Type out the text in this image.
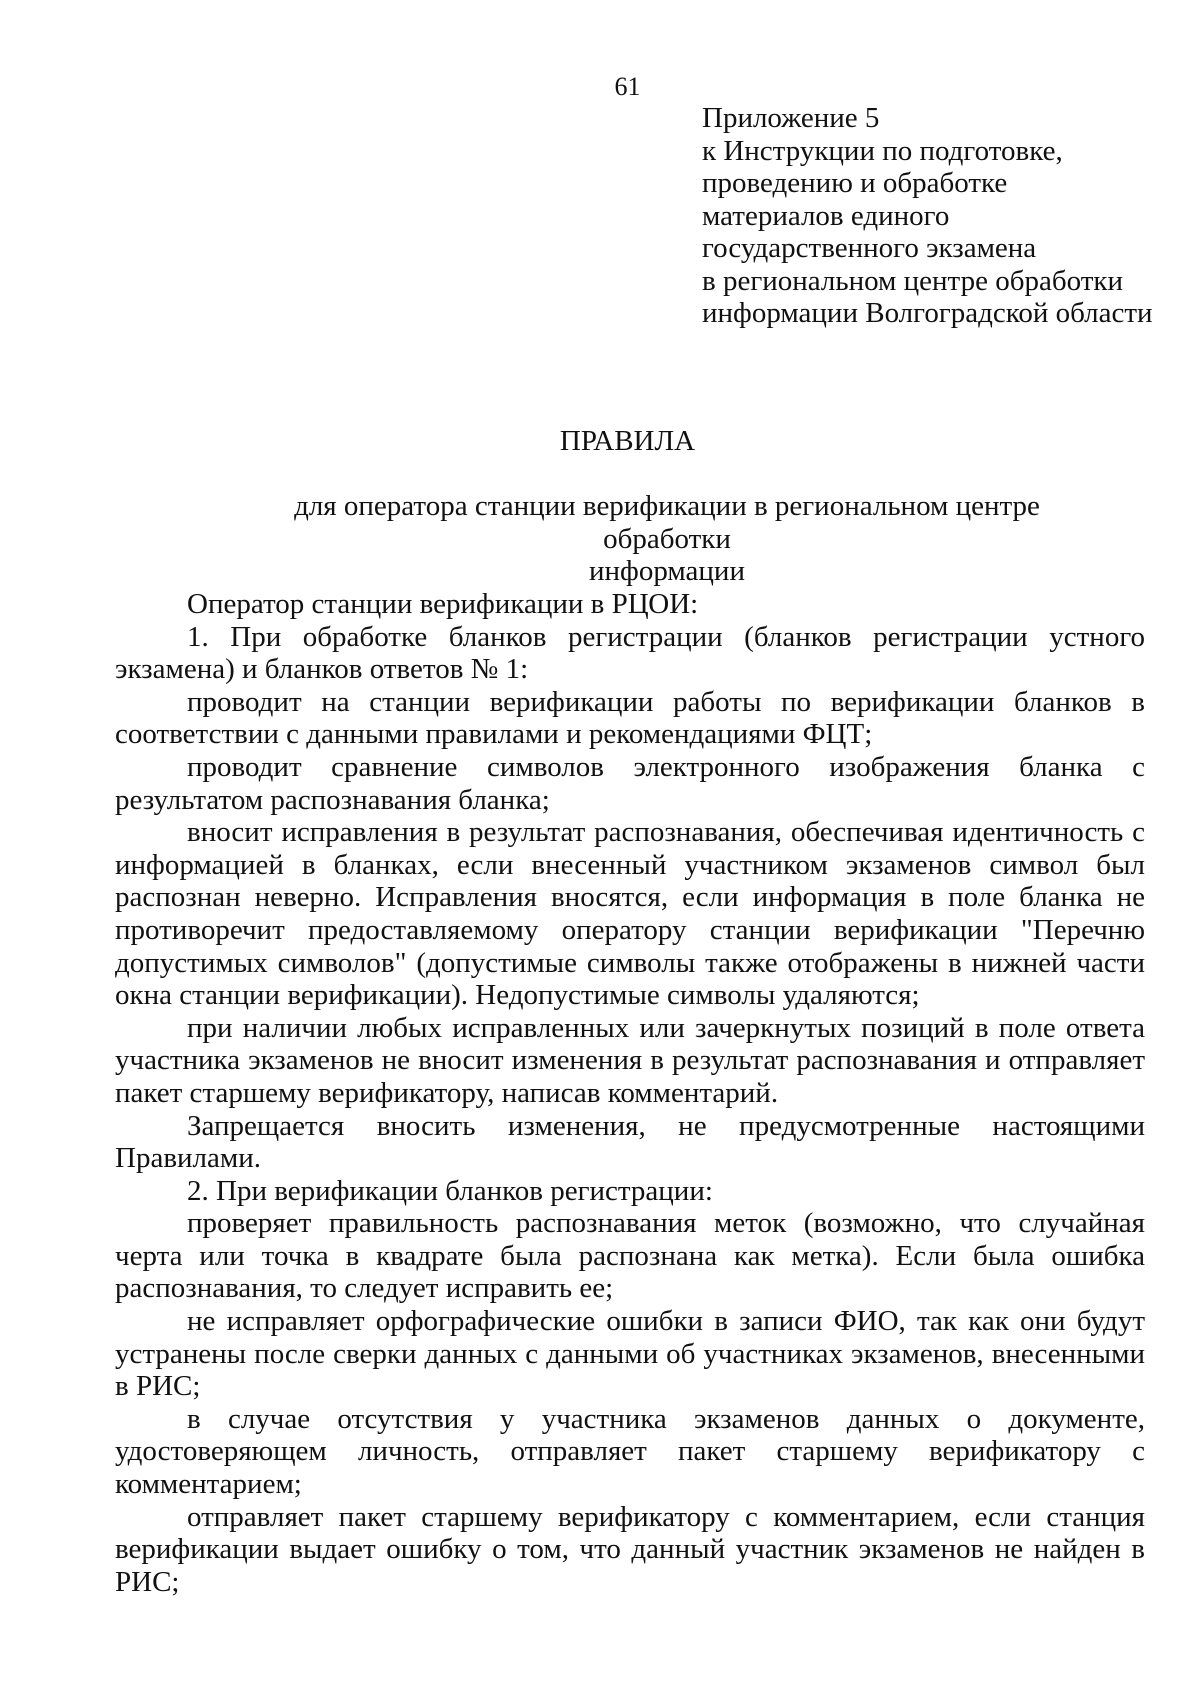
61
Приложение 5
к Инструкции по подготовке,
проведению и обработке
материалов единого
государственного экзамена
в региональном центре обработки
информации Волгоградской области
ПРАВИЛА
для оператора станции верификации в региональном центре обработки
информации

Оператор станции верификации в РЦОИ:

1. При обработке бланков регистрации (бланков регистрации устного экзамена) и бланков ответов № 1:

проводит на станции верификации работы по верификации бланков в соответствии с данными правилами и рекомендациями ФЦТ;

проводит сравнение символов электронного изображения бланка с результатом распознавания бланка;

вносит исправления в результат распознавания, обеспечивая идентичность с информацией в бланках, если внесенный участником экзаменов символ был распознан неверно. Исправления вносятся, если информация в поле бланка не противоречит предоставляемому оператору станции верификации "Перечню допустимых символов" (допустимые символы также отображены в нижней части окна станции верификации). Недопустимые символы удаляются;

при наличии любых исправленных или зачеркнутых позиций в поле ответа участника экзаменов не вносит изменения в результат распознавания и отправляет пакет старшему верификатору, написав комментарий.

Запрещается вносить изменения, не предусмотренные настоящими Правилами.

2. При верификации бланков регистрации:

проверяет правильность распознавания меток (возможно, что случайная черта или точка в квадрате была распознана как метка). Если была ошибка распознавания, то следует исправить ее;

не исправляет орфографические ошибки в записи ФИО, так как они будут устранены после сверки данных с данными об участниках экзаменов, внесенными в РИС;

в случае отсутствия у участника экзаменов данных о документе, удостоверяющем личность, отправляет пакет старшему верификатору с комментарием;

отправляет пакет старшему верификатору с комментарием, если станция верификации выдает ошибку о том, что данный участник экзаменов не найден в РИС;
